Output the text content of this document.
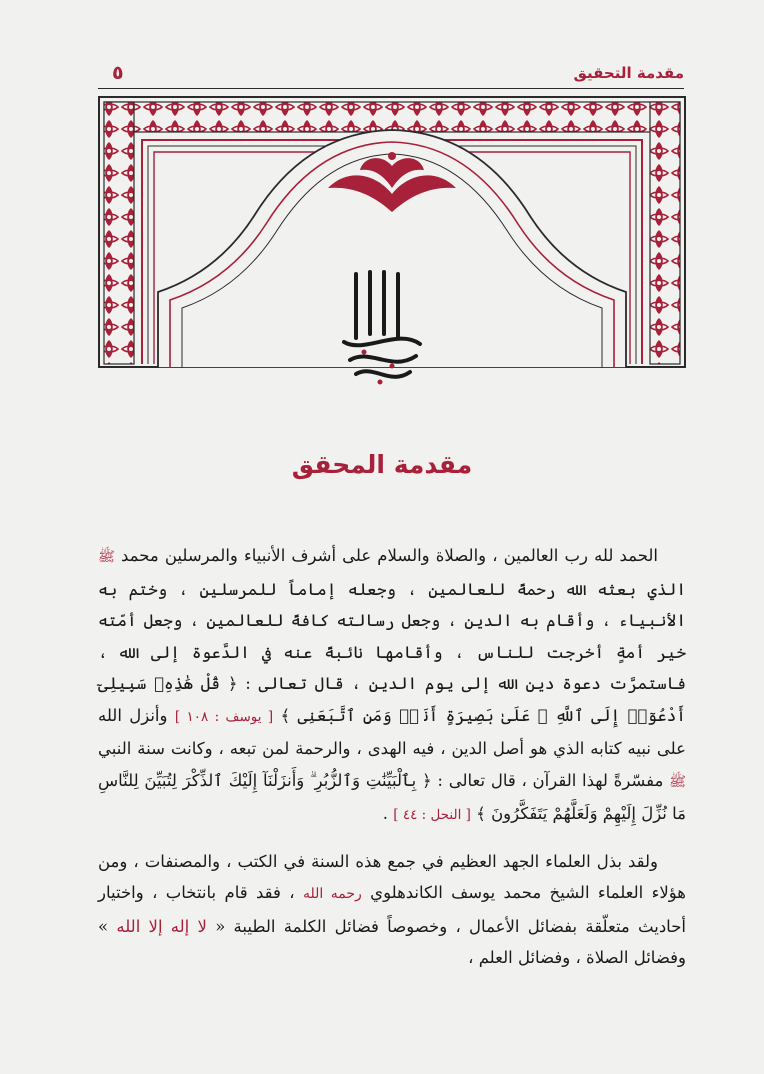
مقدمة التحقيق
٥
مقدمة المحقق

الحمد لله رب العالمين ، والصلاة والسلام على أشرف الأنبياء والمرسلين محمد ﷺ الذي بعثه الله رحمةً للعالمين ، وجعله إماماً للمرسلين ، وختم به الأنبياء ، وأقام به الدين ، وجعل رسالته كافةً للعالمين ، وجعل أمّته خير أمةٍ أخرجت للناس ، وأقامها نائبةً عنه في الدَّعوة إلى الله ، فاستمرَّت دعوة دين الله إلى يوم الدين ، قال تعالى : ﴿ قُلْ هَٰذِهِۦ سَبِيلِىٓ أَدْعُوٓا۟ إِلَى ٱللَّهِ ۚ عَلَىٰ بَصِيرَةٍ أَنَا۠ وَمَنِ ٱتَّبَعَنِى ﴾ [ يوسف : ١٠٨ ] وأنزل الله على نبيه كتابه الذي هو أصل الدين ، فيه الهدى ، والرحمة لمن تبعه ، وكانت سنة النبي ﷺ مفسّرةً لهذا القرآن ، قال تعالى : ﴿ بِٱلْبَيِّنَٰتِ وَٱلزُّبُرِ ۗ وَأَنزَلْنَآ إِلَيْكَ ٱلذِّكْرَ لِتُبَيِّنَ لِلنَّاسِ مَا نُزِّلَ إِلَيْهِمْ وَلَعَلَّهُمْ يَتَفَكَّرُونَ ﴾ [ النحل : ٤٤ ] .

ولقد بذل العلماء الجهد العظيم في جمع هذه السنة في الكتب ، والمصنفات ، ومن هؤلاء العلماء الشيخ محمد يوسف الكاندهلوي رحمه الله ، فقد قام بانتخاب ، واختيار أحاديث متعلّقة بفضائل الأعمال ، وخصوصاً فضائل الكلمة الطيبة « لا إله إلا الله » وفضائل الصلاة ، وفضائل العلم ،
